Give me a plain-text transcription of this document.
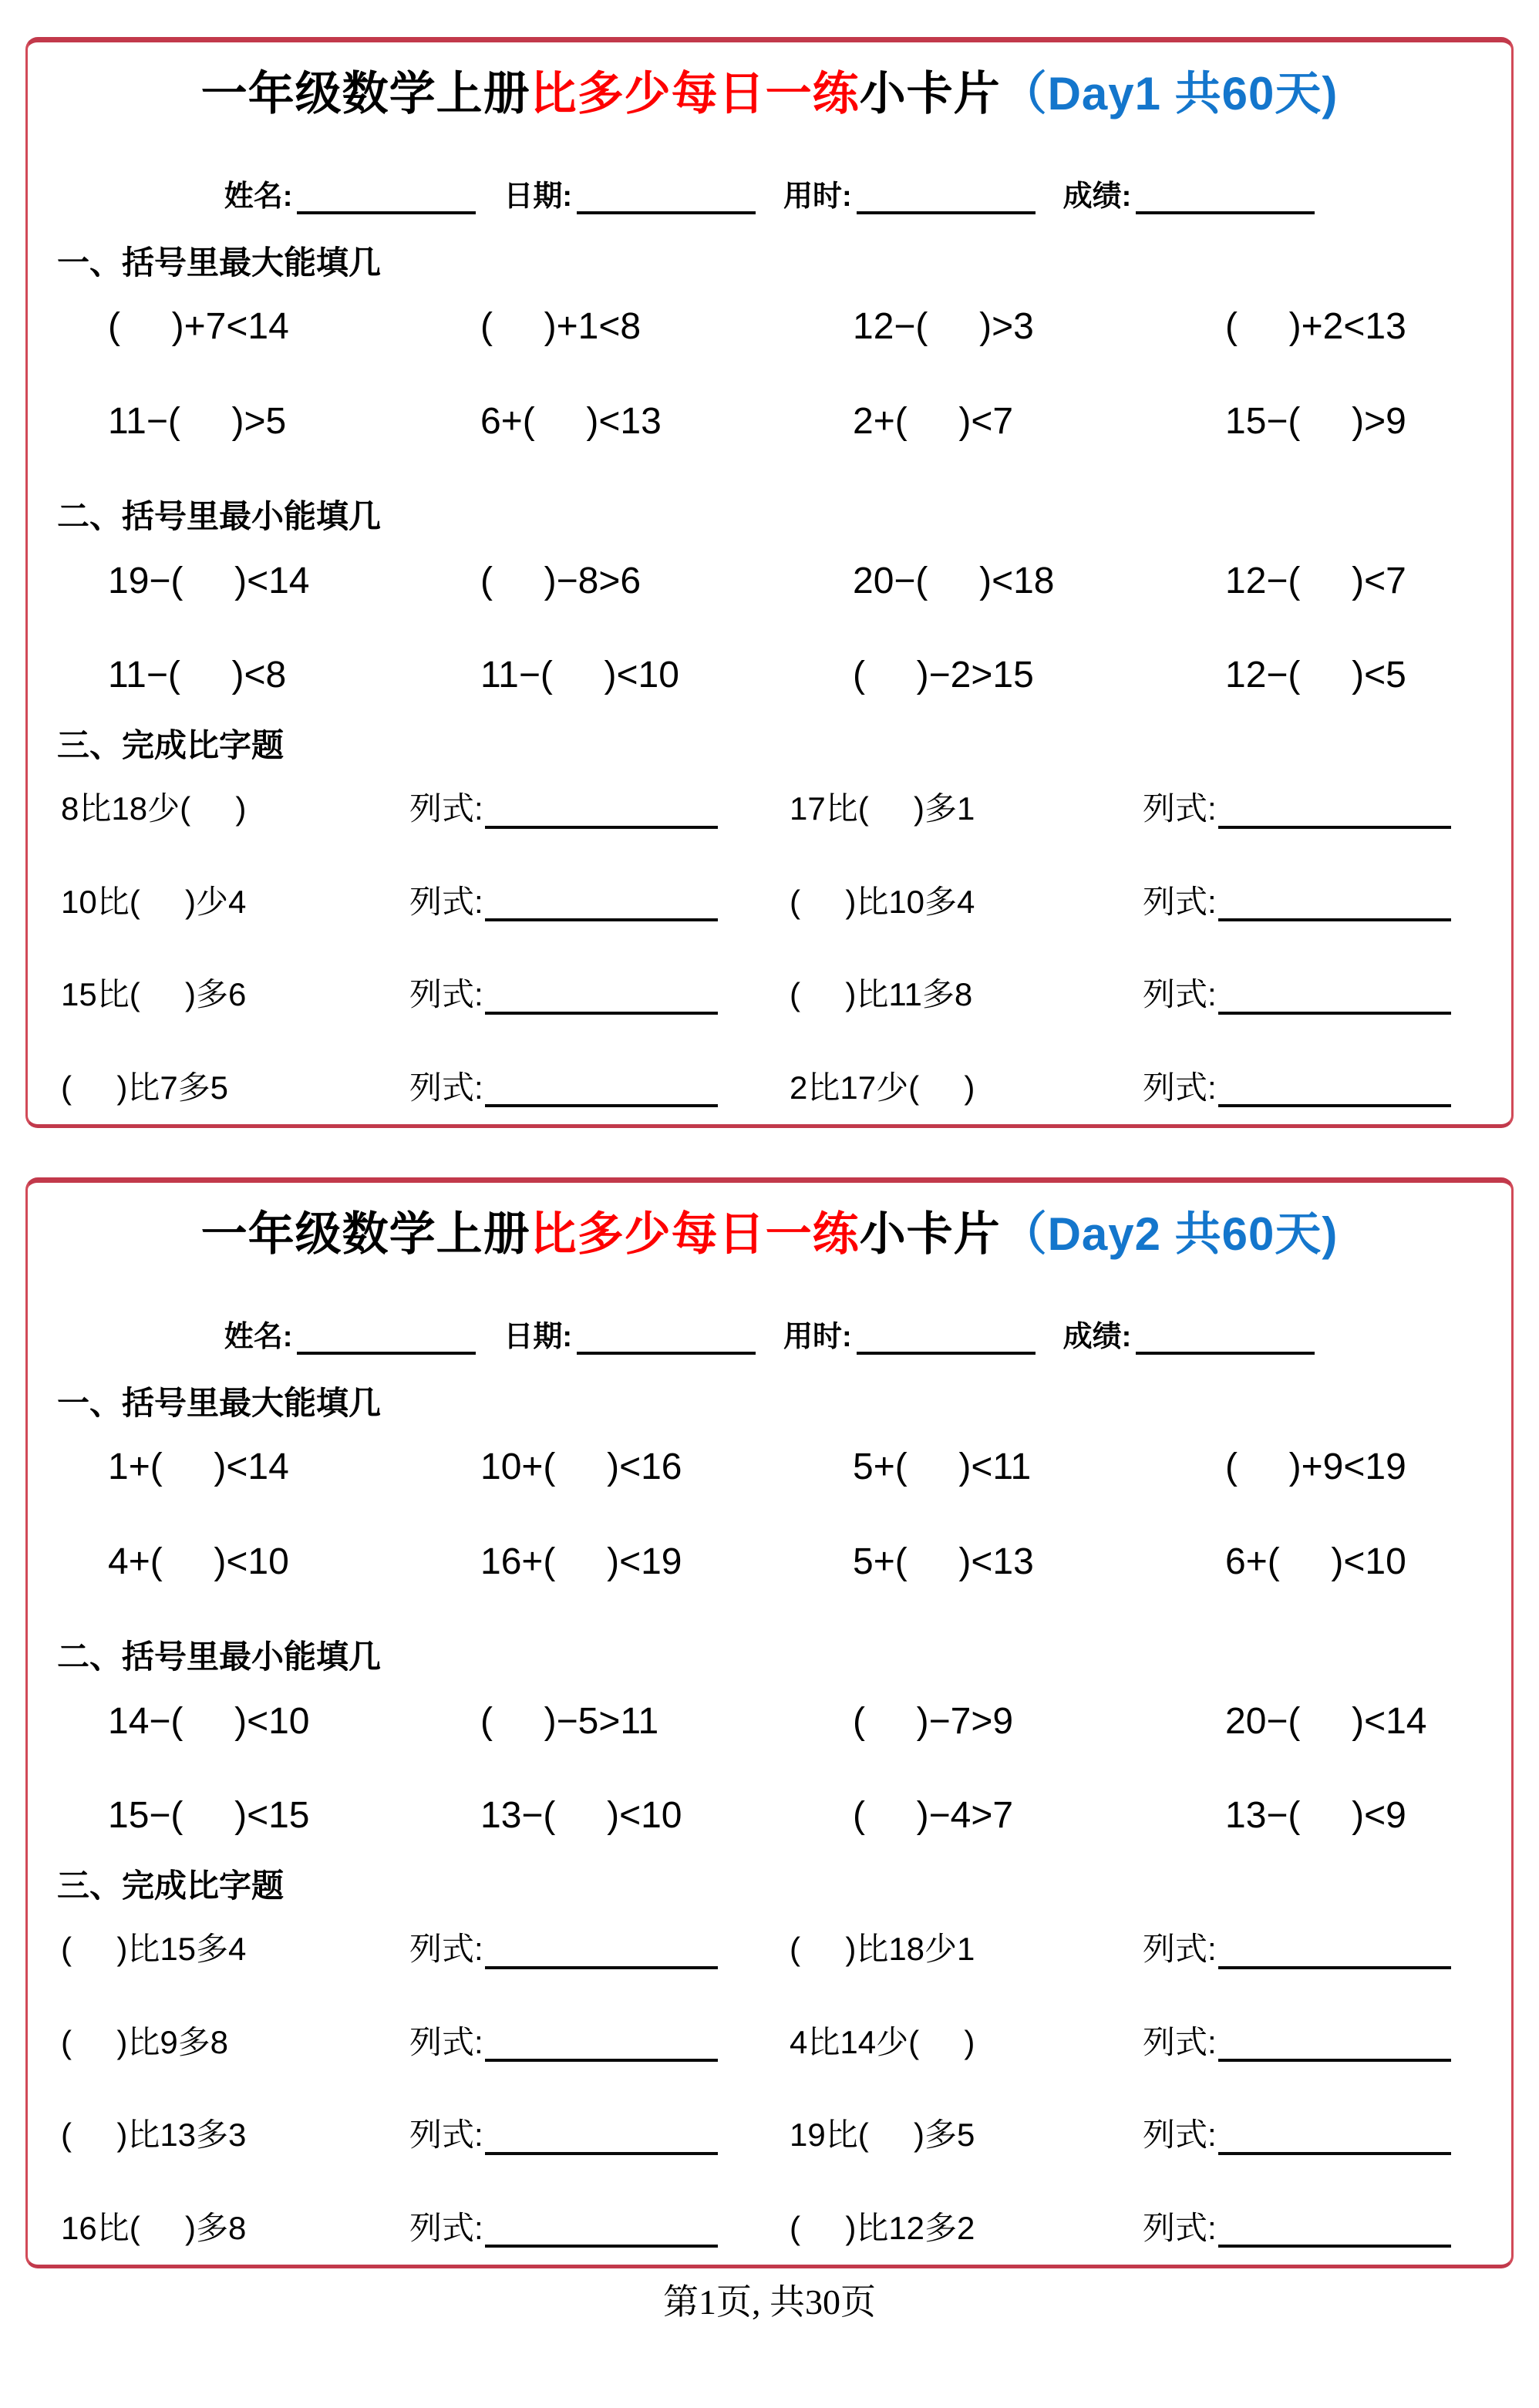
一年级数学上册比多少每日一练小卡片（Day1 共60天)
姓名:	日期:	用时:	成绩:
一、括号里最大能填几
(     )+7<14	(     )+1<8	12−(     )>3	(     )+2<13
11−(     )>5	6+(     )<13	2+(     )<7	15−(     )>9
二、括号里最小能填几
19−(     )<14	(     )−8>6	20−(     )<18	12−(     )<7
11−(     )<8	11−(     )<10	(     )−2>15	12−(     )<5
三、完成比字题
8比18少(     )	列式:	17比(     )多1	列式:
10比(     )少4	列式:	(     )比10多4	列式:
15比(     )多6	列式:	(     )比11多8	列式:
(     )比7多5	列式:	2比17少(     )	列式:
一年级数学上册比多少每日一练小卡片（Day2 共60天)
姓名:	日期:	用时:	成绩:
一、括号里最大能填几
1+(     )<14	10+(     )<16	5+(     )<11	(     )+9<19
4+(     )<10	16+(     )<19	5+(     )<13	6+(     )<10
二、括号里最小能填几
14−(     )<10	(     )−5>11	(     )−7>9	20−(     )<14
15−(     )<15	13−(     )<10	(     )−4>7	13−(     )<9
三、完成比字题
(     )比15多4	列式:	(     )比18少1	列式:
(     )比9多8	列式:	4比14少(     )	列式:
(     )比13多3	列式:	19比(     )多5	列式:
16比(     )多8	列式:	(     )比12多2	列式:
第1页, 共30页
